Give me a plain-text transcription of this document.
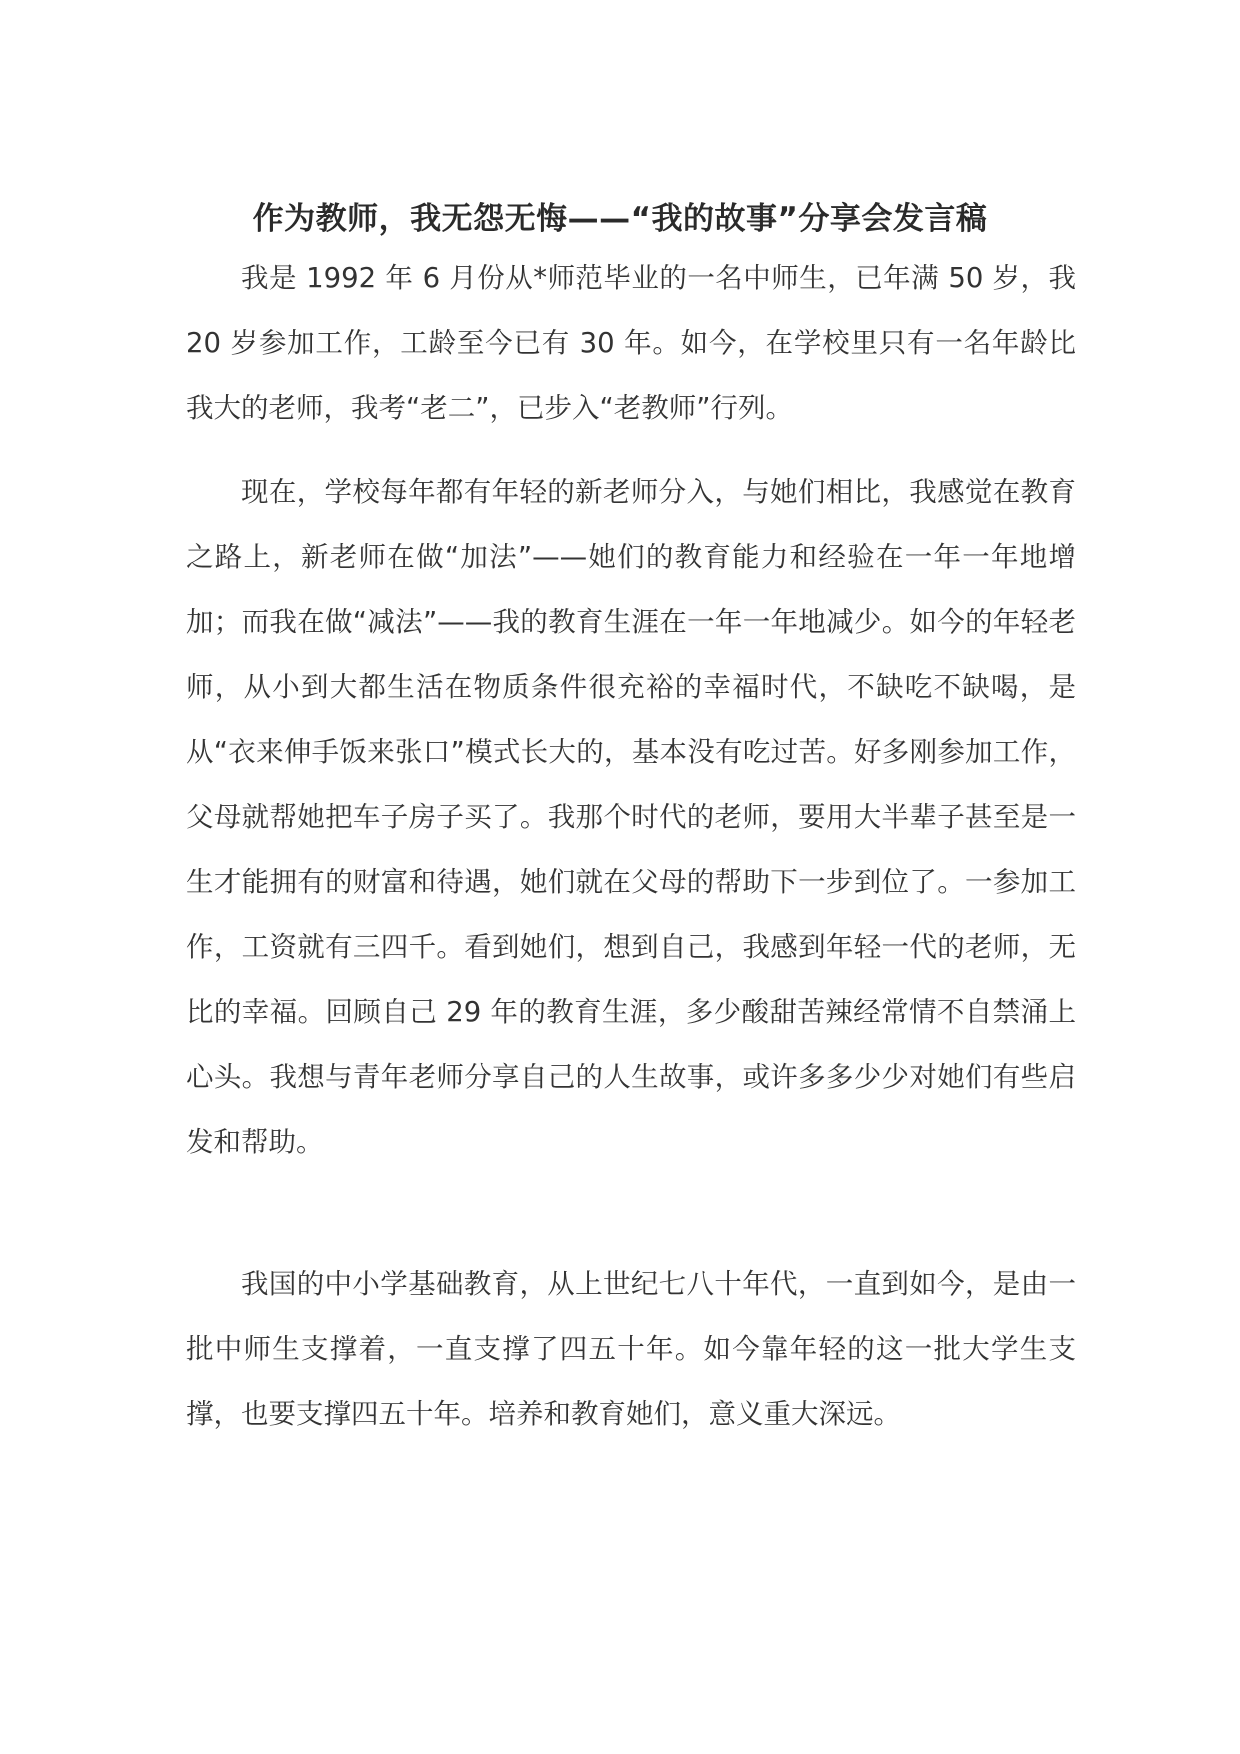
作为教师，我无怨无悔——“我的故事”分享会发言稿

我是 1992 年 6 月份从*师范毕业的一名中师生，已年满 50 岁，我 20 岁参加工作，工龄至今已有 30 年。如今，在学校里只有一名年龄比我大的老师，我考“老二”，已步入“老教师”行列。

现在，学校每年都有年轻的新老师分入，与她们相比，我感觉在教育之路上，新老师在做“加法”——她们的教育能力和经验在一年一年地增加；而我在做“减法”——我的教育生涯在一年一年地减少。如今的年轻老师，从小到大都生活在物质条件很充裕的幸福时代，不缺吃不缺喝，是从“衣来伸手饭来张口”模式长大的，基本没有吃过苦。好多刚参加工作，父母就帮她把车子房子买了。我那个时代的老师，要用大半辈子甚至是一生才能拥有的财富和待遇，她们就在父母的帮助下一步到位了。一参加工作，工资就有三四千。看到她们，想到自己，我感到年轻一代的老师，无比的幸福。回顾自己 29 年的教育生涯，多少酸甜苦辣经常情不自禁涌上心头。我想与青年老师分享自己的人生故事，或许多多少少对她们有些启发和帮助。

我国的中小学基础教育，从上世纪七八十年代，一直到如今，是由一批中师生支撑着，一直支撑了四五十年。如今靠年轻的这一批大学生支撑，也要支撑四五十年。培养和教育她们，意义重大深远。
